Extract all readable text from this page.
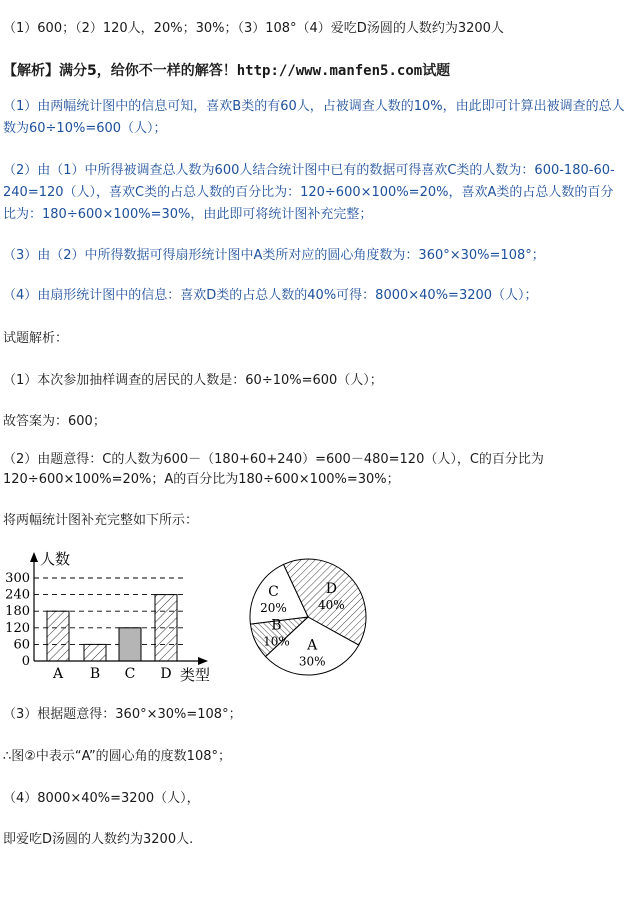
（1）600；（2）120人，20%；30%；（3）108°（4）爱吃D汤圆的人数约为3200人
【解析】满分5，给你不一样的解答！http://www.manfen5.com试题
（1）由两幅统计图中的信息可知，喜欢B类的有60人，占被调查人数的10%，由此即可计算出被调查的总人数为60÷10%=600（人）；
（2）由（1）中所得被调查总人数为600人结合统计图中已有的数据可得喜欢C类的人数为：600-180-60-240=120（人），喜欢C类的占总人数的百分比为：120÷600×100%=20%，喜欢A类的占总人数的百分比为：180÷600×100%=30%，由此即可将统计图补充完整；
（3）由（2）中所得数据可得扇形统计图中A类所对应的圆心角度数为：360°×30%=108°；
（4）由扇形统计图中的信息：喜欢D类的占总人数的40%可得：8000×40%=3200（人）；
试题解析：
（1）本次参加抽样调查的居民的人数是：60÷10%=600（人）；
故答案为：600；
（2）由题意得：C的人数为600－（180+60+240）=600－480=120（人），C的百分比为120÷600×100%=20%；A的百分比为180÷600×100%=30%；
将两幅统计图补充完整如下所示：
0
60
120
180
240
300
A B C D
人数
类型
D
40%
A
30%
B
10%
C
20%
（3）根据题意得：360°×30%=108°；
∴图②中表示“A”的圆心角的度数108°；
（4）8000×40%=3200（人），
即爱吃D汤圆的人数约为3200人.
